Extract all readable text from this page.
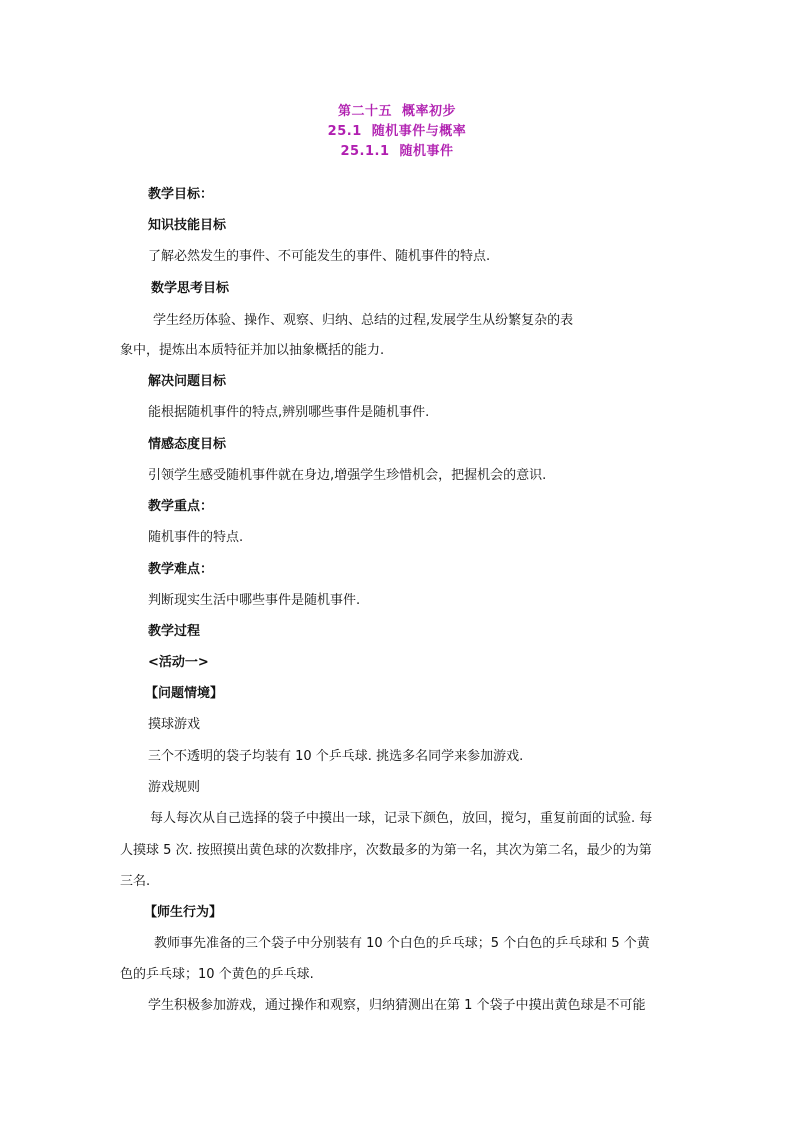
第二十五  概率初步
25.1  随机事件与概率
25.1.1  随机事件
教学目标：
知识技能目标
了解必然发生的事件、不可能发生的事件、随机事件的特点.
数学思考目标
学生经历体验、操作、观察、归纳、总结的过程,发展学生从纷繁复杂的表
象中，提炼出本质特征并加以抽象概括的能力.
解决问题目标
能根据随机事件的特点,辨别哪些事件是随机事件.
情感态度目标
引领学生感受随机事件就在身边,增强学生珍惜机会，把握机会的意识.
教学重点：
随机事件的特点.
教学难点：
判断现实生活中哪些事件是随机事件.
教学过程
<活动一>
【问题情境】
摸球游戏
三个不透明的袋子均装有 10 个乒乓球. 挑选多名同学来参加游戏.
游戏规则
每人每次从自己选择的袋子中摸出一球，记录下颜色，放回，搅匀，重复前面的试验. 每
人摸球 5 次. 按照摸出黄色球的次数排序，次数最多的为第一名，其次为第二名，最少的为第
三名.
【师生行为】
教师事先准备的三个袋子中分别装有 10 个白色的乒乓球；5 个白色的乒乓球和 5 个黄
色的乒乓球；10 个黄色的乒乓球.
学生积极参加游戏，通过操作和观察，归纳猜测出在第 1 个袋子中摸出黄色球是不可能
